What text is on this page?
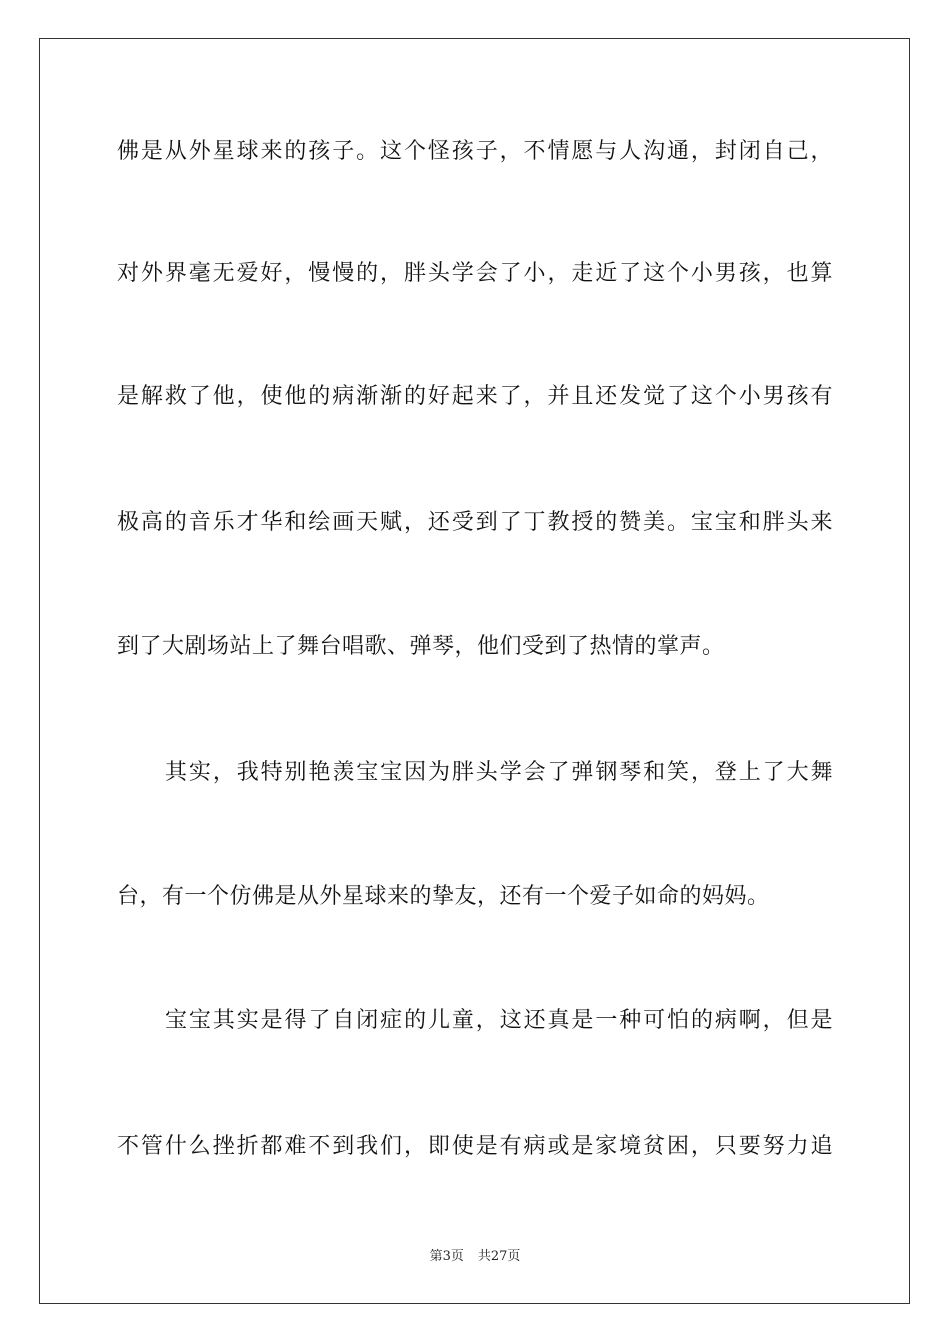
佛是从外星球来的孩子。这个怪孩子，不情愿与人沟通，封闭自己，

对外界毫无爱好，慢慢的，胖头学会了小，走近了这个小男孩，也算

是解救了他，使他的病渐渐的好起来了，并且还发觉了这个小男孩有

极高的音乐才华和绘画天赋，还受到了丁教授的赞美。宝宝和胖头来

到了大剧场站上了舞台唱歌、弹琴，他们受到了热情的掌声。

其实，我特别艳羡宝宝因为胖头学会了弹钢琴和笑，登上了大舞

台，有一个仿佛是从外星球来的挚友，还有一个爱子如命的妈妈。

宝宝其实是得了自闭症的儿童，这还真是一种可怕的病啊，但是

不管什么挫折都难不到我们，即使是有病或是家境贫困，只要努力追

第3页 共27页
